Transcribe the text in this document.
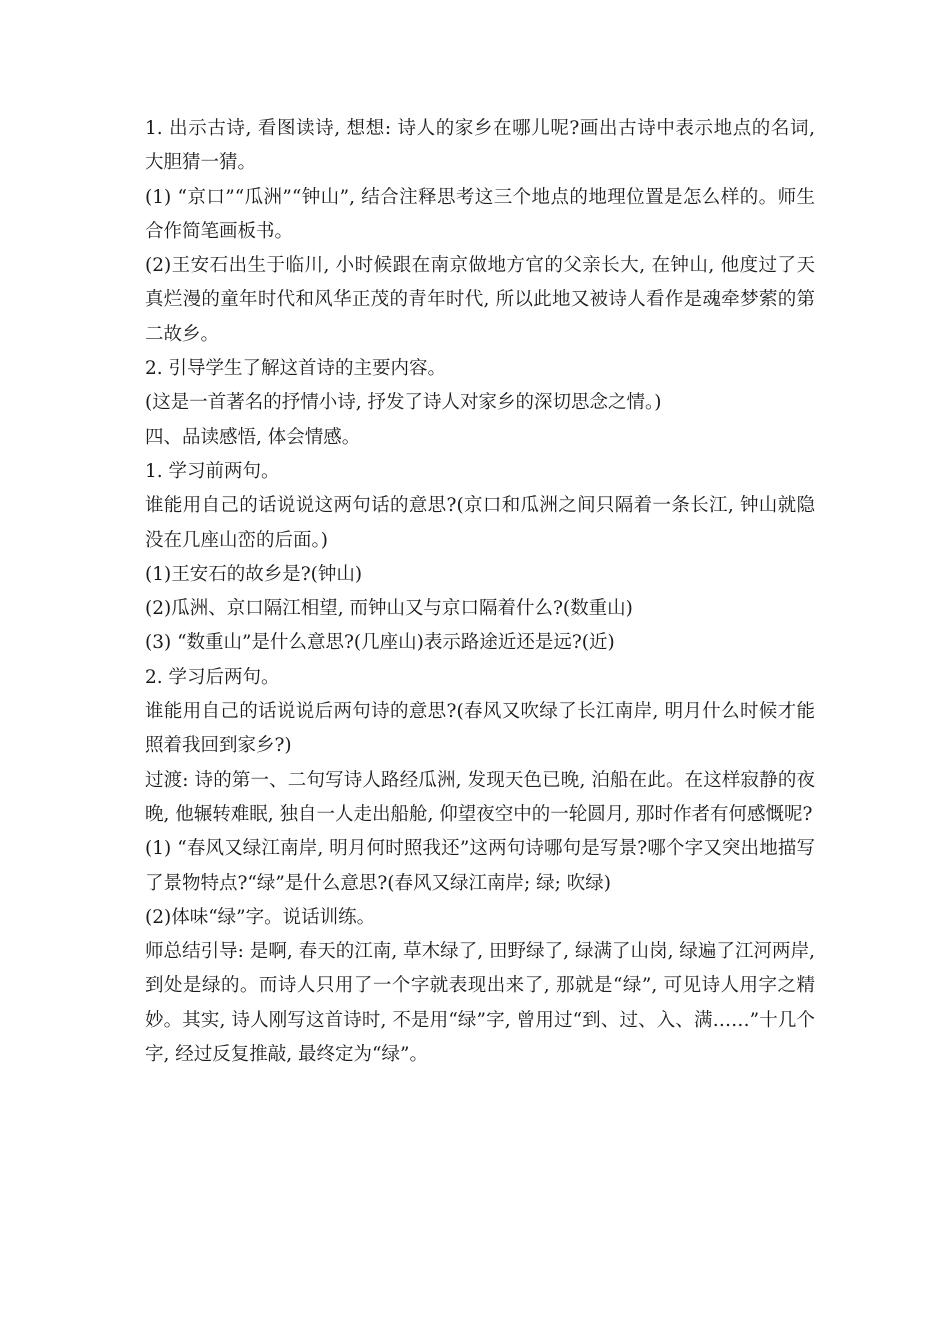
1. 出示古诗, 看图读诗, 想想: 诗人的家乡在哪儿呢?画出古诗中表示地点的名词, 大胆猜一猜。

(1) “京口”“瓜洲”“钟山”, 结合注释思考这三个地点的地理位置是怎么样的。师生合作简笔画板书。

(2)王安石出生于临川, 小时候跟在南京做地方官的父亲长大, 在钟山, 他度过了天真烂漫的童年时代和风华正茂的青年时代, 所以此地又被诗人看作是魂牵梦萦的第二故乡。

2. 引导学生了解这首诗的主要内容。

(这是一首著名的抒情小诗, 抒发了诗人对家乡的深切思念之情。)

四、品读感悟, 体会情感。

1. 学习前两句。

谁能用自己的话说说这两句话的意思?(京口和瓜洲之间只隔着一条长江, 钟山就隐没在几座山峦的后面。)

(1)王安石的故乡是?(钟山)

(2)瓜洲、京口隔江相望, 而钟山又与京口隔着什么?(数重山)

(3) “数重山”是什么意思?(几座山)表示路途近还是远?(近)

2. 学习后两句。

谁能用自己的话说说后两句诗的意思?(春风又吹绿了长江南岸, 明月什么时候才能照着我回到家乡?)

过渡: 诗的第一、二句写诗人路经瓜洲, 发现天色已晚, 泊船在此。在这样寂静的夜晚, 他辗转难眠, 独自一人走出船舱, 仰望夜空中的一轮圆月, 那时作者有何感慨呢?

(1) “春风又绿江南岸, 明月何时照我还”这两句诗哪句是写景?哪个字又突出地描写了景物特点?“绿”是什么意思?(春风又绿江南岸; 绿; 吹绿)

(2)体味“绿”字。说话训练。

师总结引导: 是啊, 春天的江南, 草木绿了, 田野绿了, 绿满了山岗, 绿遍了江河两岸, 到处是绿的。而诗人只用了一个字就表现出来了, 那就是“绿”, 可见诗人用字之精妙。其实, 诗人刚写这首诗时, 不是用“绿”字, 曾用过“到、过、入、满……”十几个字, 经过反复推敲, 最终定为“绿”。
